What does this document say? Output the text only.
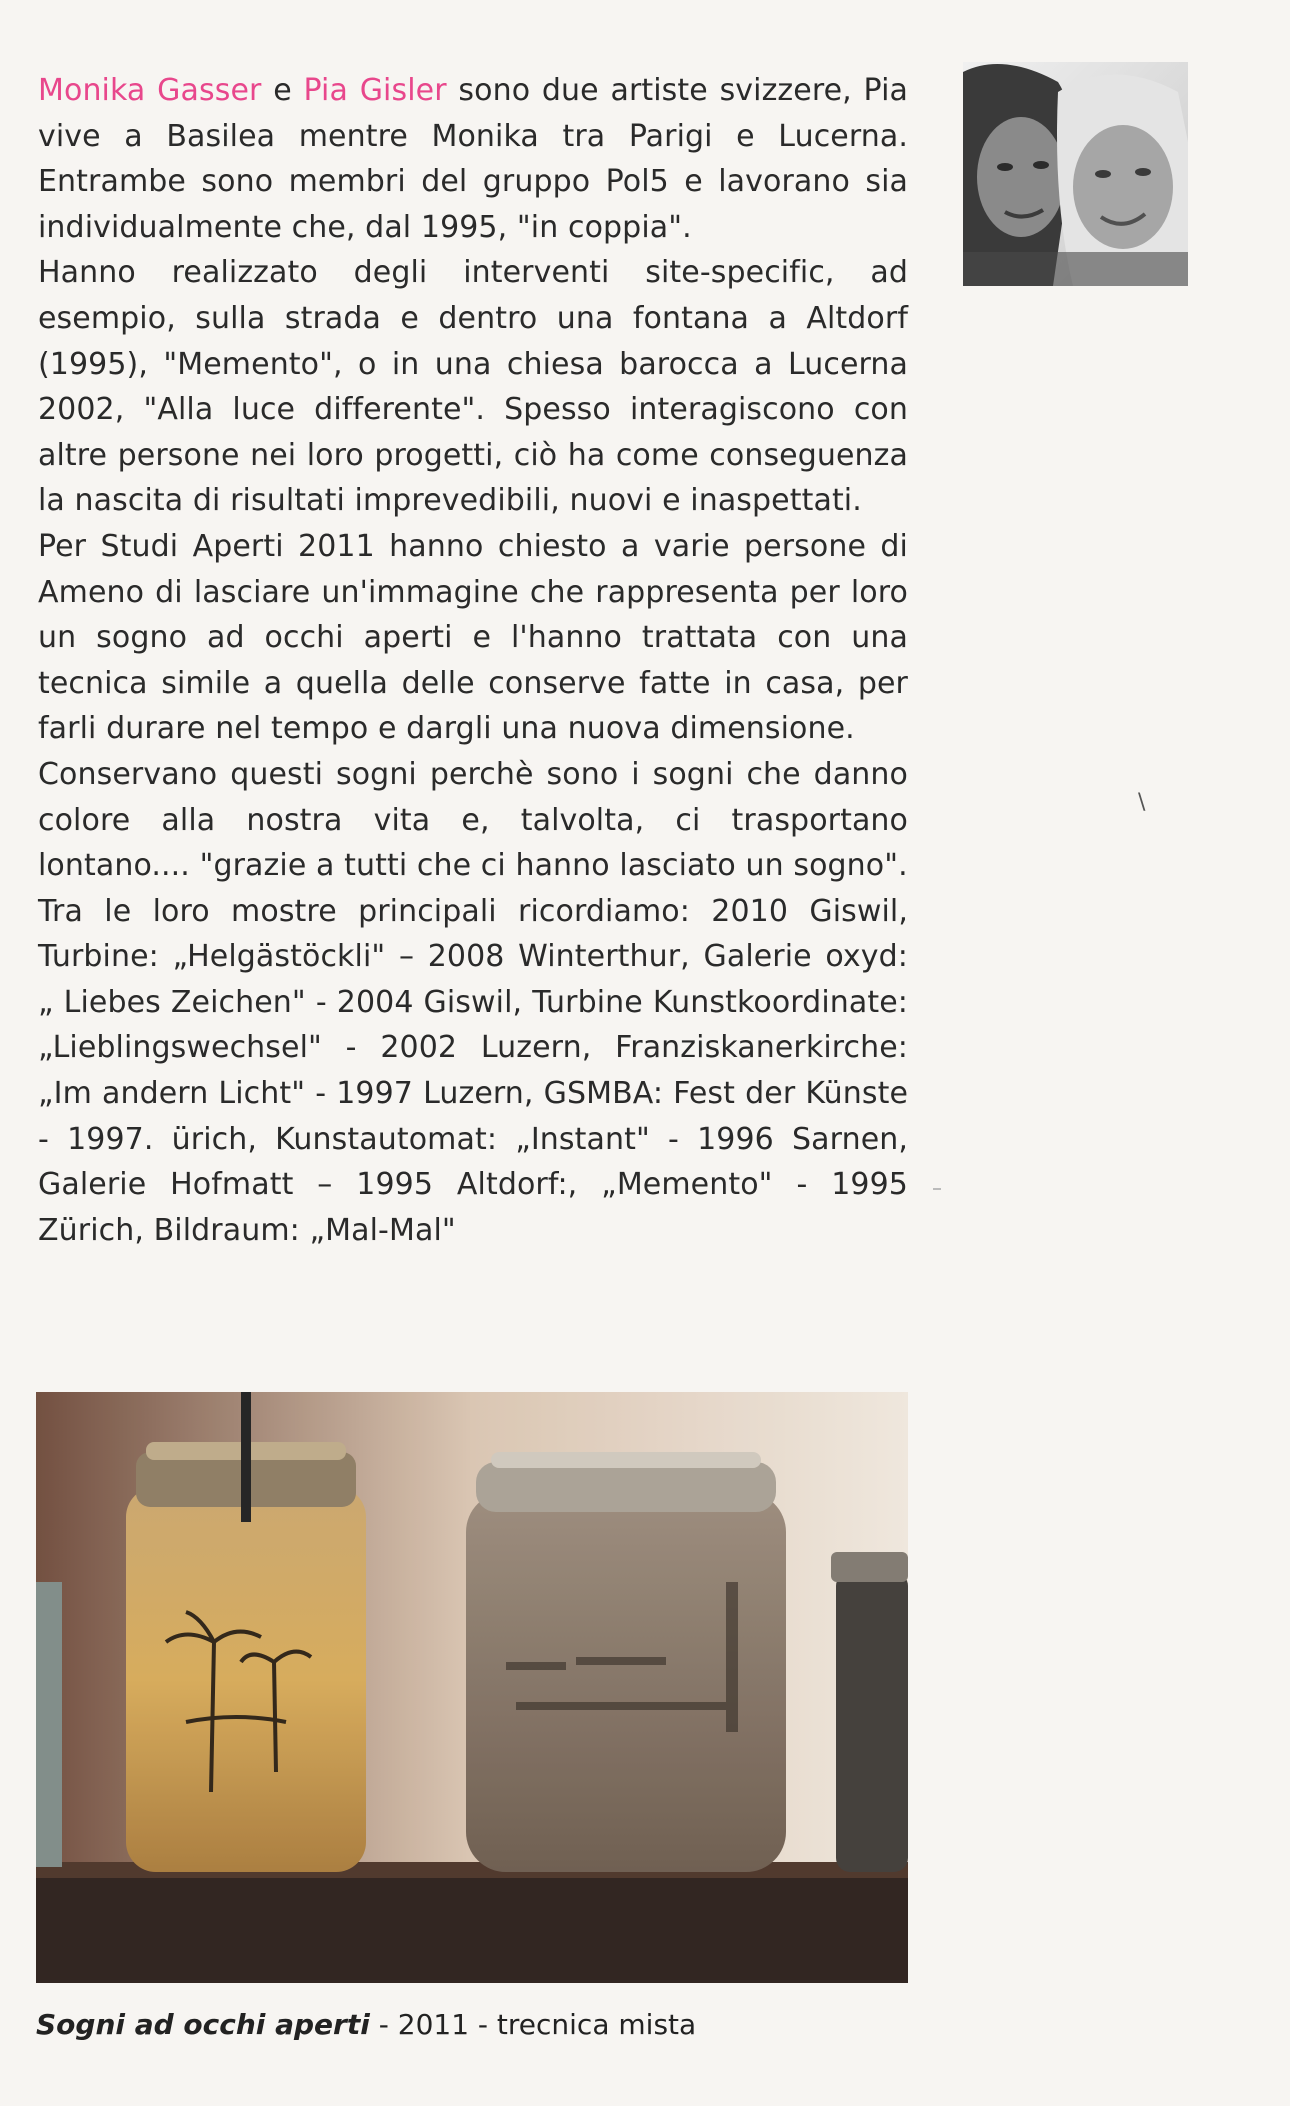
Monika Gasser e Pia Gisler sono due artiste svizzere, Pia vive a Basilea mentre Monika tra Parigi e Lucerna. Entrambe sono membri del gruppo Pol5 e lavorano sia individualmente che, dal 1995, "in coppia".

Hanno realizzato degli interventi site-specific, ad esempio, sulla strada e dentro una fontana a Altdorf (1995), "Memento", o in una chiesa barocca a Lucerna 2002, "Alla luce differente". Spesso interagiscono con altre persone nei loro progetti, ciò ha come conseguenza la nascita di risultati imprevedibili, nuovi e inaspettati.

Per Studi Aperti 2011 hanno chiesto a varie persone di Ameno di lasciare un'immagine che rappresenta per loro un sogno ad occhi aperti e l'hanno trattata con una tecnica simile a quella delle conserve fatte in casa, per farli durare nel tempo e dargli una nuova dimensione.

Conservano questi sogni perchè sono i sogni che danno colore alla nostra vita e, talvolta, ci trasportano lontano.... "grazie a tutti che ci hanno lasciato un sogno".

Tra le loro mostre principali ricordiamo: 2010 Giswil, Turbine: „Helgästöckli" – 2008 Winterthur, Galerie oxyd: „ Liebes Zeichen" - 2004 Giswil, Turbine Kunstkoordinate: „Lieblingswechsel" - 2002 Luzern, Franziskanerkirche: „Im andern Licht" - 1997 Luzern, GSMBA: Fest der Künste - 1997. ürich, Kunstautomat: „Instant" - 1996 Sarnen, Galerie Hofmatt – 1995 Altdorf:, „Memento" - 1995 Zürich, Bildraum: „Mal-Mal"

\
Sogni ad occhi aperti - 2011 - trecnica mista
